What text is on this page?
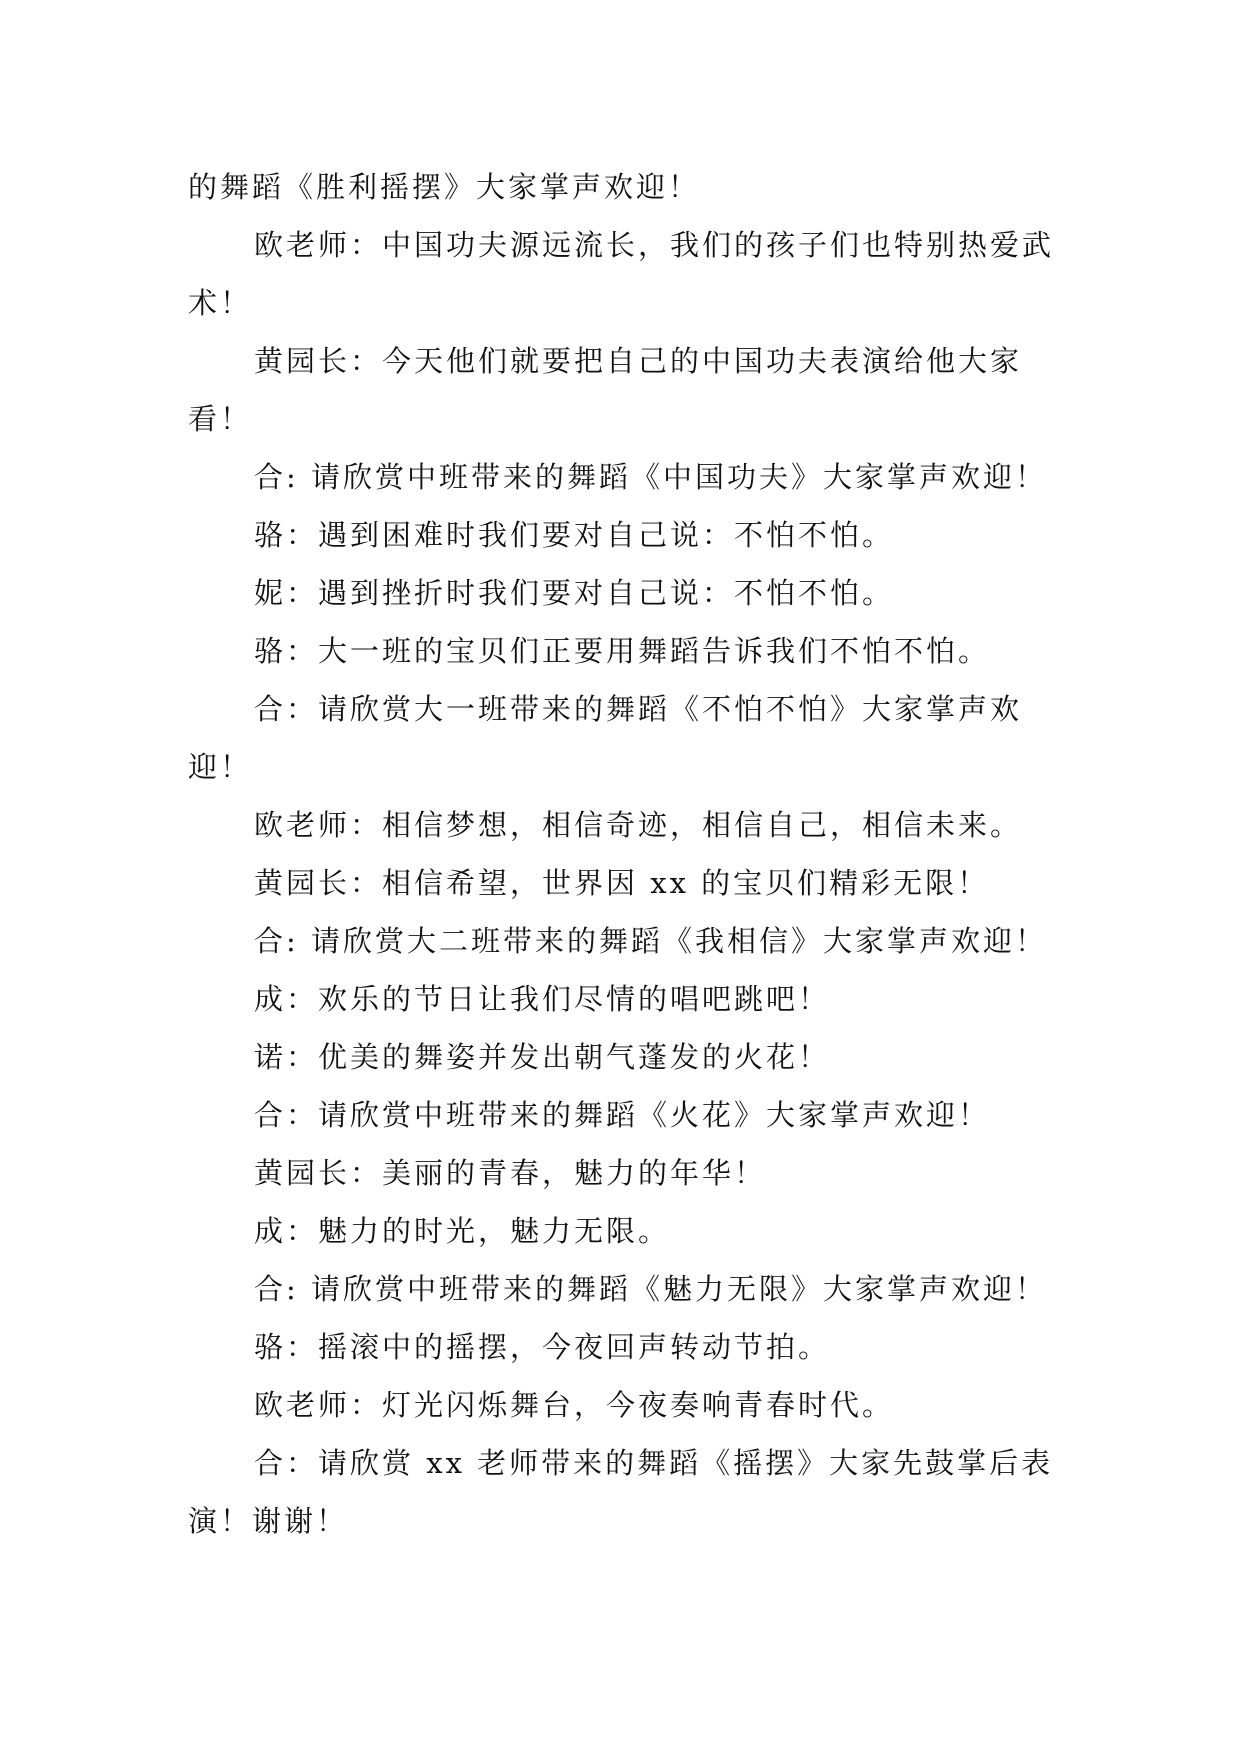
的舞蹈《胜利摇摆》大家掌声欢迎！

欧老师：中国功夫源远流长，我们的孩子们也特别热爱武术！

黄园长：今天他们就要把自己的中国功夫表演给他大家看！

合: 请欣赏中班带来的舞蹈《中国功夫》大家掌声欢迎！

骆：遇到困难时我们要对自己说：不怕不怕。

妮：遇到挫折时我们要对自己说：不怕不怕。

骆：大一班的宝贝们正要用舞蹈告诉我们不怕不怕。

合：请欣赏大一班带来的舞蹈《不怕不怕》大家掌声欢迎！

欧老师：相信梦想，相信奇迹，相信自己，相信未来。

黄园长：相信希望，世界因 xx 的宝贝们精彩无限！

合: 请欣赏大二班带来的舞蹈《我相信》大家掌声欢迎！

成：欢乐的节日让我们尽情的唱吧跳吧！

诺：优美的舞姿并发出朝气蓬发的火花！

合：请欣赏中班带来的舞蹈《火花》大家掌声欢迎！

黄园长：美丽的青春，魅力的年华！

成：魅力的时光，魅力无限。

合: 请欣赏中班带来的舞蹈《魅力无限》大家掌声欢迎！

骆：摇滚中的摇摆，今夜回声转动节拍。

欧老师：灯光闪烁舞台，今夜奏响青春时代。

合：请欣赏 xx 老师带来的舞蹈《摇摆》大家先鼓掌后表演！谢谢！
